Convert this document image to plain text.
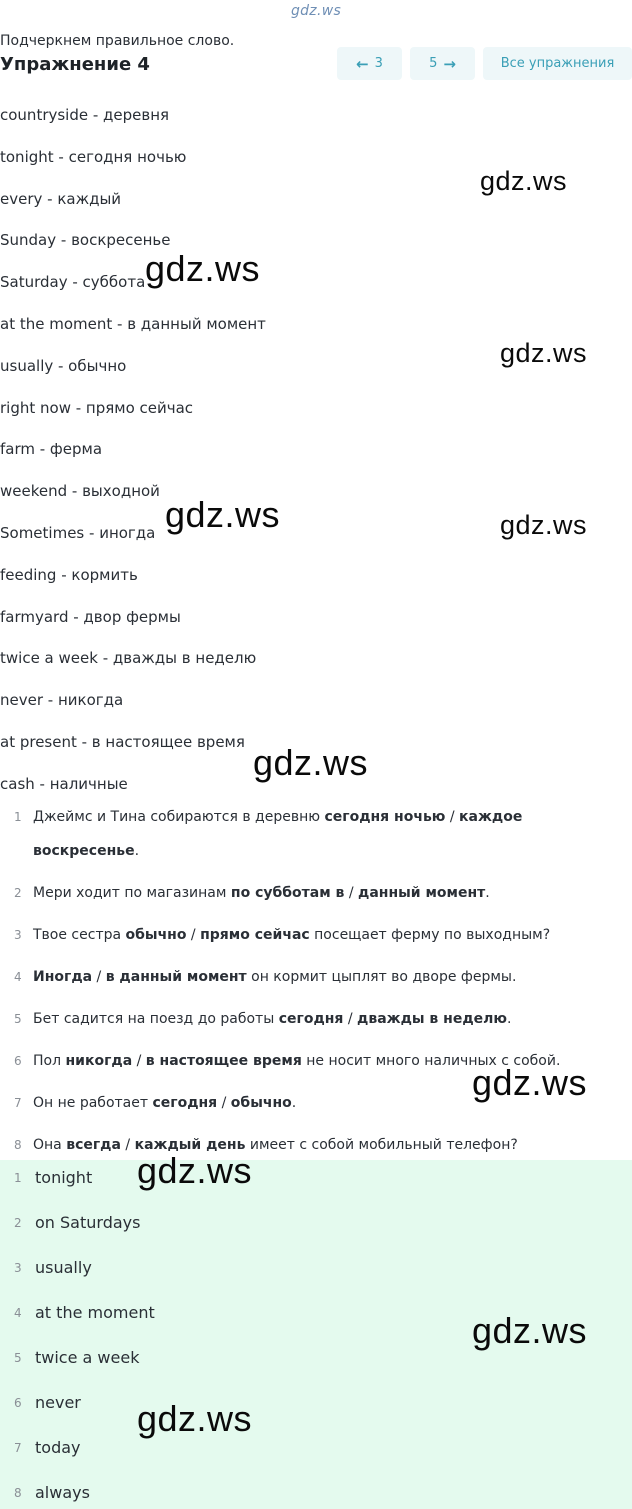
gdz.ws
Подчеркнем правильное слово.
Упражнение 4	← 3	5 →	Все упражнения
countryside - деревня
tonight - сегодня ночью
every - каждый
Sunday - воскресенье
Saturday - суббота
at the moment - в данный момент
usually - обычно
right now - прямо сейчас
farm - ферма
weekend - выходной
Sometimes - иногда
feeding - кормить
farmyard - двор фермы
twice a week - дважды в неделю
never - никогда
at present - в настоящее время
cash - наличные
1 Джеймс и Тина собираются в деревню сегодня ночью / каждое воскресенье.
2 Мери ходит по магазинам по субботам в / данный момент.
3 Твое сестра обычно / прямо сейчас посещает ферму по выходным?
4 Иногда / в данный момент он кормит цыплят во дворе фермы.
5 Бет садится на поезд до работы сегодня / дважды в неделю.
6 Пол никогда / в настоящее время не носит много наличных с собой.
7 Он не работает сегодня / обычно.
8 Она всегда / каждый день имеет с собой мобильный телефон?
1 tonight
2 on Saturdays
3 usually
4 at the moment
5 twice a week
6 never
7 today
8 always
gdz.ws
gdz.ws
gdz.ws
gdz.ws	gdz.ws
gdz.ws
gdz.ws
gdz.ws
gdz.ws
gdz.ws
